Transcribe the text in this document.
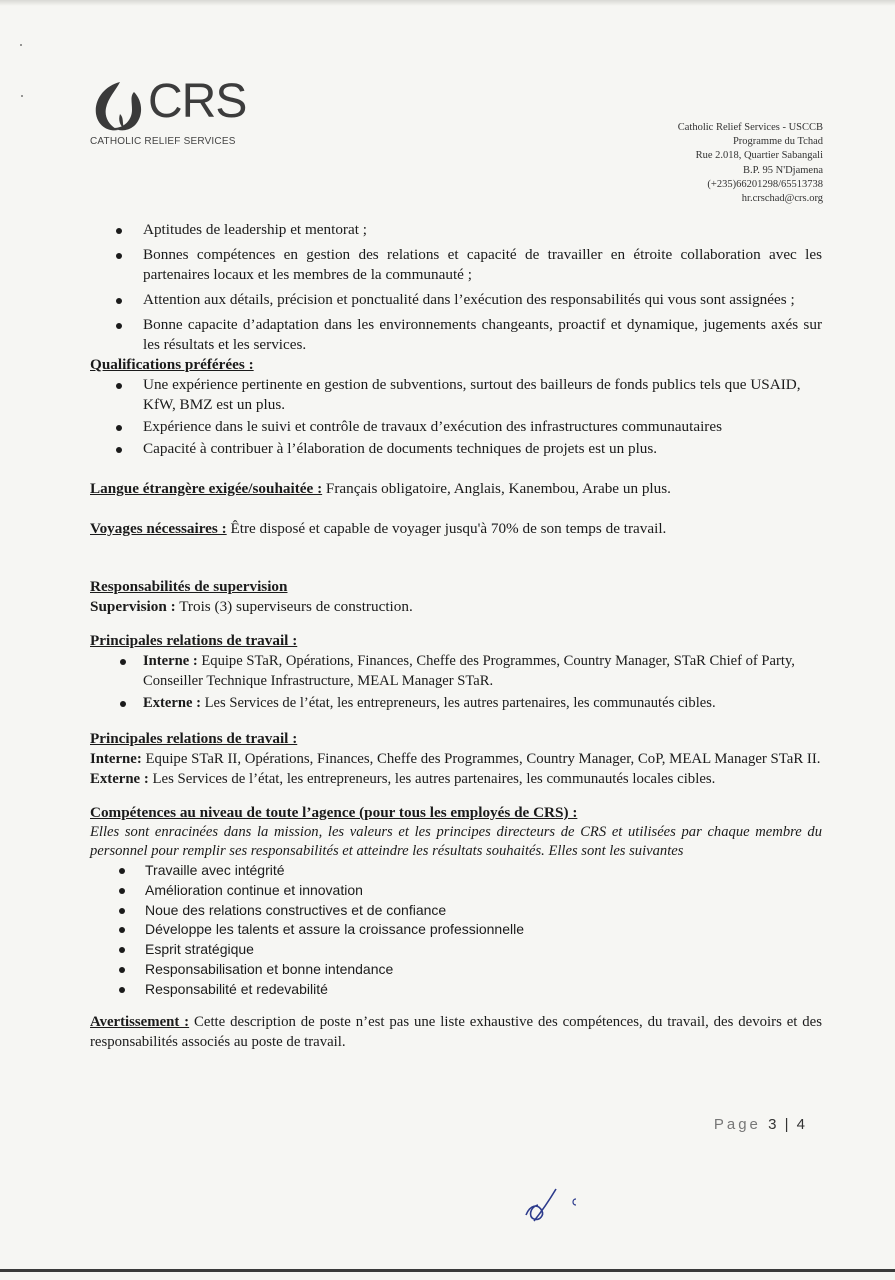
CRS
CATHOLIC RELIEF SERVICES
Catholic Relief Services - USCCB
Programme du Tchad
Rue 2.018, Quartier Sabangali
B.P. 95 N'Djamena
(+235)66201298/65513738
hr.crschad@crs.org
Aptitudes de leadership et mentorat ;
Bonnes compétences en gestion des relations et capacité de travailler en étroite collaboration avec les partenaires locaux et les membres de la communauté ;
Attention aux détails, précision et ponctualité dans l’exécution des responsabilités qui vous sont assignées ;
Bonne capacite d’adaptation dans les environnements changeants, proactif et dynamique, jugements axés sur les résultats et les services.
Qualifications préférées :
Une expérience pertinente en gestion de subventions, surtout des bailleurs de fonds publics tels que USAID, KfW, BMZ est un plus.
Expérience dans le suivi et contrôle de travaux d’exécution des infrastructures communautaires
Capacité à contribuer à l’élaboration de documents techniques de projets est un plus.
Langue étrangère exigée/souhaitée : Français obligatoire, Anglais, Kanembou, Arabe un plus.
Voyages nécessaires : Être disposé et capable de voyager jusqu'à 70% de son temps de travail.
Responsabilités de supervision
Supervision : Trois (3) superviseurs de construction.
Principales relations de travail :
Interne : Equipe STaR, Opérations, Finances, Cheffe des Programmes, Country Manager, STaR Chief of Party, Conseiller Technique Infrastructure, MEAL Manager STaR.
Externe : Les Services de l’état, les entrepreneurs, les autres partenaires, les communautés cibles.
Principales relations de travail :
Interne: Equipe STaR II, Opérations, Finances, Cheffe des Programmes, Country Manager, CoP, MEAL Manager STaR II.
Externe : Les Services de l’état, les entrepreneurs, les autres partenaires, les communautés locales cibles.
Compétences au niveau de toute l’agence (pour tous les employés de CRS) :
Elles sont enracinées dans la mission, les valeurs et les principes directeurs de CRS et utilisées par chaque membre du personnel pour remplir ses responsabilités et atteindre les résultats souhaités. Elles sont les suivantes
Travaille avec intégrité
Amélioration continue et innovation
Noue des relations constructives et de confiance
Développe les talents et assure la croissance professionnelle
Esprit stratégique
Responsabilisation et bonne intendance
Responsabilité et redevabilité
Avertissement : Cette description de poste n’est pas une liste exhaustive des compétences, du travail, des devoirs et des responsabilités associés au poste de travail.
Page 3 | 4
